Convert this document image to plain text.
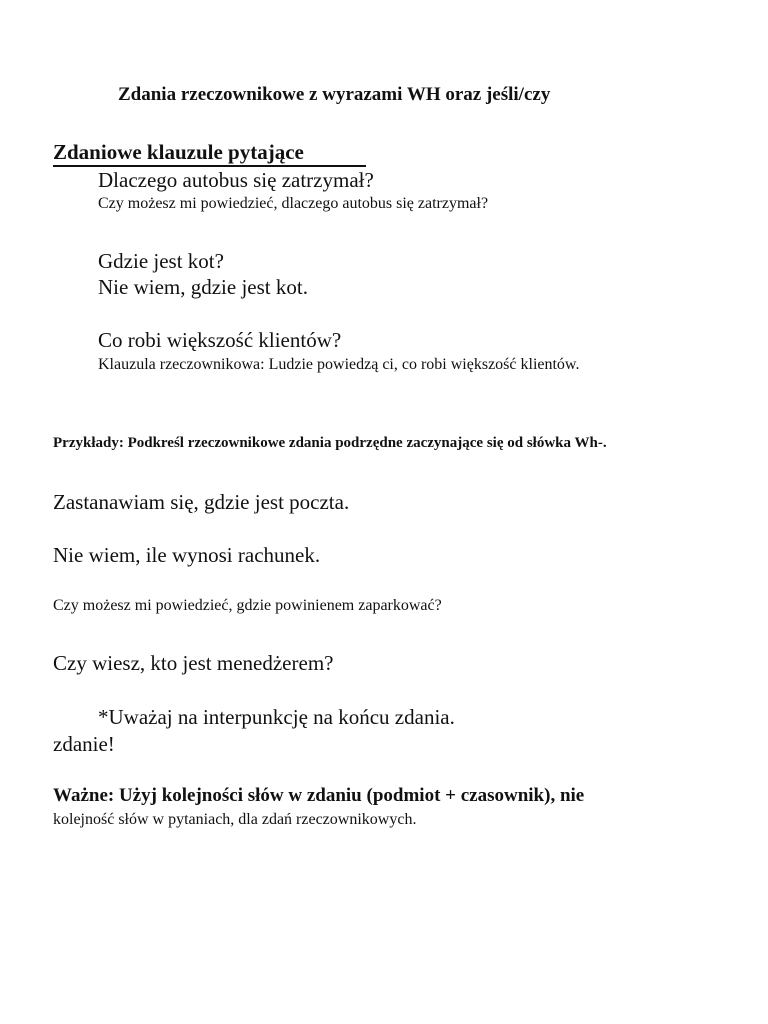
Zdania rzeczownikowe z wyrazami WH oraz jeśli/czy
Zdaniowe klauzule pytające
Dlaczego autobus się zatrzymał?
Czy możesz mi powiedzieć, dlaczego autobus się zatrzymał?
Gdzie jest kot?
Nie wiem, gdzie jest kot.
Co robi większość klientów?
Klauzula rzeczownikowa: Ludzie powiedzą ci, co robi większość klientów.
Przykłady: Podkreśl rzeczownikowe zdania podrzędne zaczynające się od słówka Wh-.
Zastanawiam się, gdzie jest poczta.
Nie wiem, ile wynosi rachunek.
Czy możesz mi powiedzieć, gdzie powinienem zaparkować?
Czy wiesz, kto jest menedżerem?
*Uważaj na interpunkcję na końcu zdania.
zdanie!
Ważne: Użyj kolejności słów w zdaniu (podmiot + czasownik), nie
kolejność słów w pytaniach, dla zdań rzeczownikowych.
